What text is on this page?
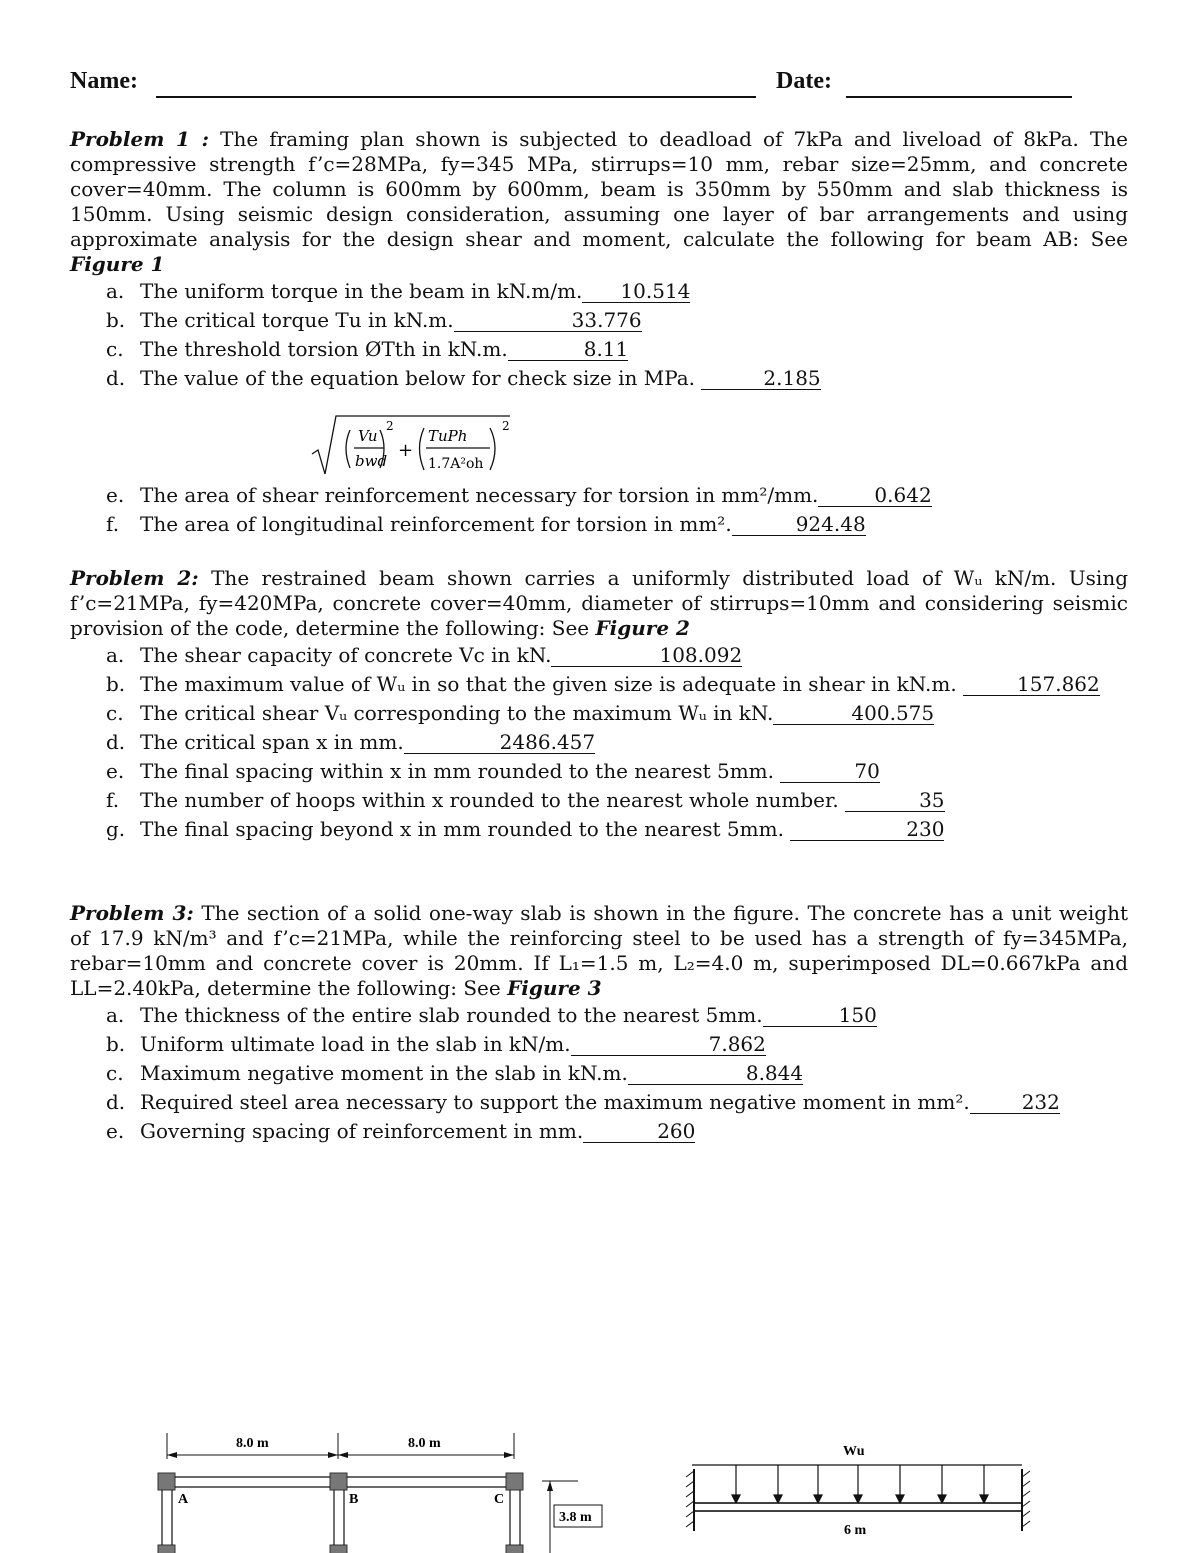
Name:	Date:
Problem 1 : The framing plan shown is subjected to deadload of 7kPa and liveload of 8kPa. The compressive strength f’c=28MPa, fy=345 MPa, stirrups=10 mm, rebar size=25mm, and concrete cover=40mm. The column is 600mm by 600mm, beam is 350mm by 550mm and slab thickness is 150mm. Using seismic design consideration, assuming one layer of bar arrangements and using approximate analysis for the design shear and moment, calculate the following for beam AB: See Figure 1
a. The uniform torque in the beam in kN.m/m. 10.514
b. The critical torque Tu in kN.m.	33.776
c. The threshold torsion ØTth in kN.m.	8.11
d. The value of the equation below for check size in MPa.	2.185
Vu
bwd
2
+
TuPh
1.7A²oh
2
e. The area of shear reinforcement necessary for torsion in mm²/mm.	0.642
f.	The area of longitudinal reinforcement for torsion in mm².	924.48
Problem 2: The restrained beam shown carries a uniformly distributed load of Wᵤ kN/m. Using f’c=21MPa, fy=420MPa, concrete cover=40mm, diameter of stirrups=10mm and considering seismic provision of the code, determine the following: See Figure 2
a. The shear capacity of concrete Vc in kN.	108.092
b. The maximum value of Wᵤ in so that the given size is adequate in shear in kN.m.	157.862
c. The critical shear Vᵤ corresponding to the maximum Wᵤ in kN.	400.575
d. The critical span x in mm.	2486.457
e. The final spacing within x in mm rounded to the nearest 5mm.	70
f.	The number of hoops within x rounded to the nearest whole number.	35
g. The final spacing beyond x in mm rounded to the nearest 5mm.	230
Problem 3: The section of a solid one-way slab is shown in the figure. The concrete has a unit weight of 17.9 kN/m³ and f’c=21MPa, while the reinforcing steel to be used has a strength of fy=345MPa, rebar=10mm and concrete cover is 20mm. If L₁=1.5 m, L₂=4.0 m, superimposed DL=0.667kPa and LL=2.40kPa, determine the following: See Figure 3
a. The thickness of the entire slab rounded to the nearest 5mm.	150
b. Uniform ultimate load in the slab in kN/m.	7.862
c. Maximum negative moment in the slab in kN.m.	8.844
d. Required steel area necessary to support the maximum negative moment in mm².	232
e. Governing spacing of reinforcement in mm.	260
8.0 m	8.0 m
A	B	C
3.8 m
Wu
6 m
